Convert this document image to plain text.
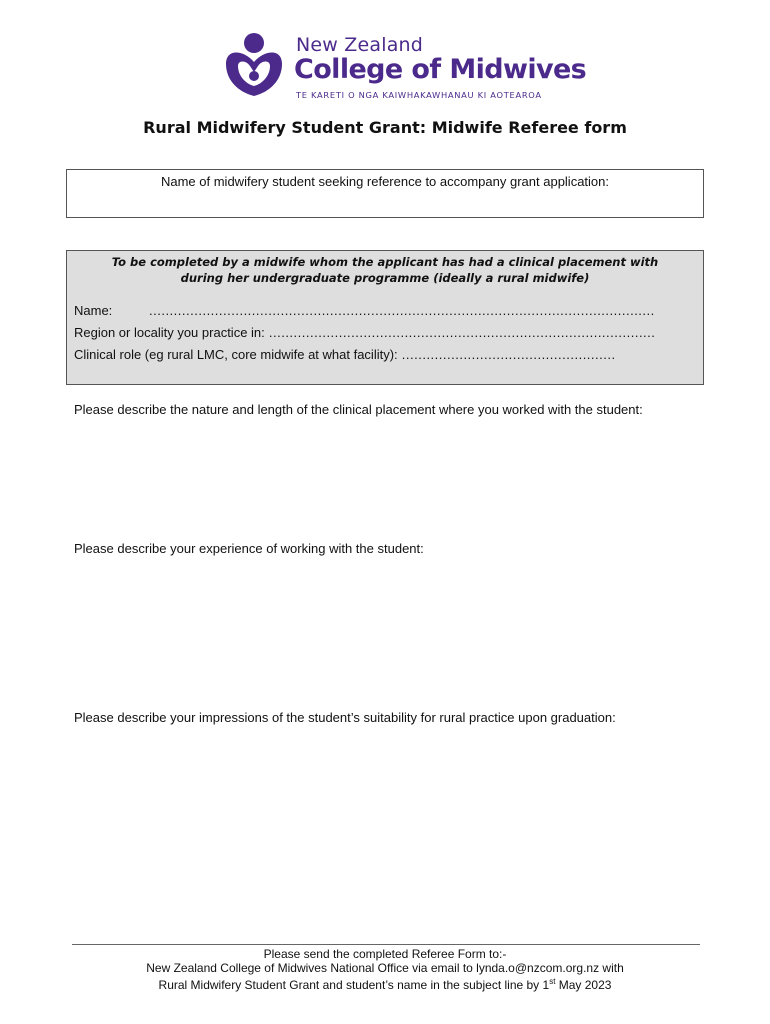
New Zealand
College of Midwives
TE KARETI O NGA KAIWHAKAWHANAU KI AOTEAROA
Rural Midwifery Student Grant: Midwife Referee form
Name of midwifery student seeking reference to accompany grant application:
To be completed by a midwife whom the applicant has had a clinical placement with
during her undergraduate programme (ideally a rural midwife)
Name:	...........................................................................................................................
Region or locality you practice in: ..............................................................................................
Clinical role (eg rural LMC, core midwife at what facility): ....................................................
Please describe the nature and length of the clinical placement where you worked with the student:
Please describe your experience of working with the student:
Please describe your impressions of the student’s suitability for rural practice upon graduation:
Please send the completed Referee Form to:-
New Zealand College of Midwives National Office via email to lynda.o@nzcom.org.nz with
Rural Midwifery Student Grant and student’s name in the subject line by 1st May 2023
